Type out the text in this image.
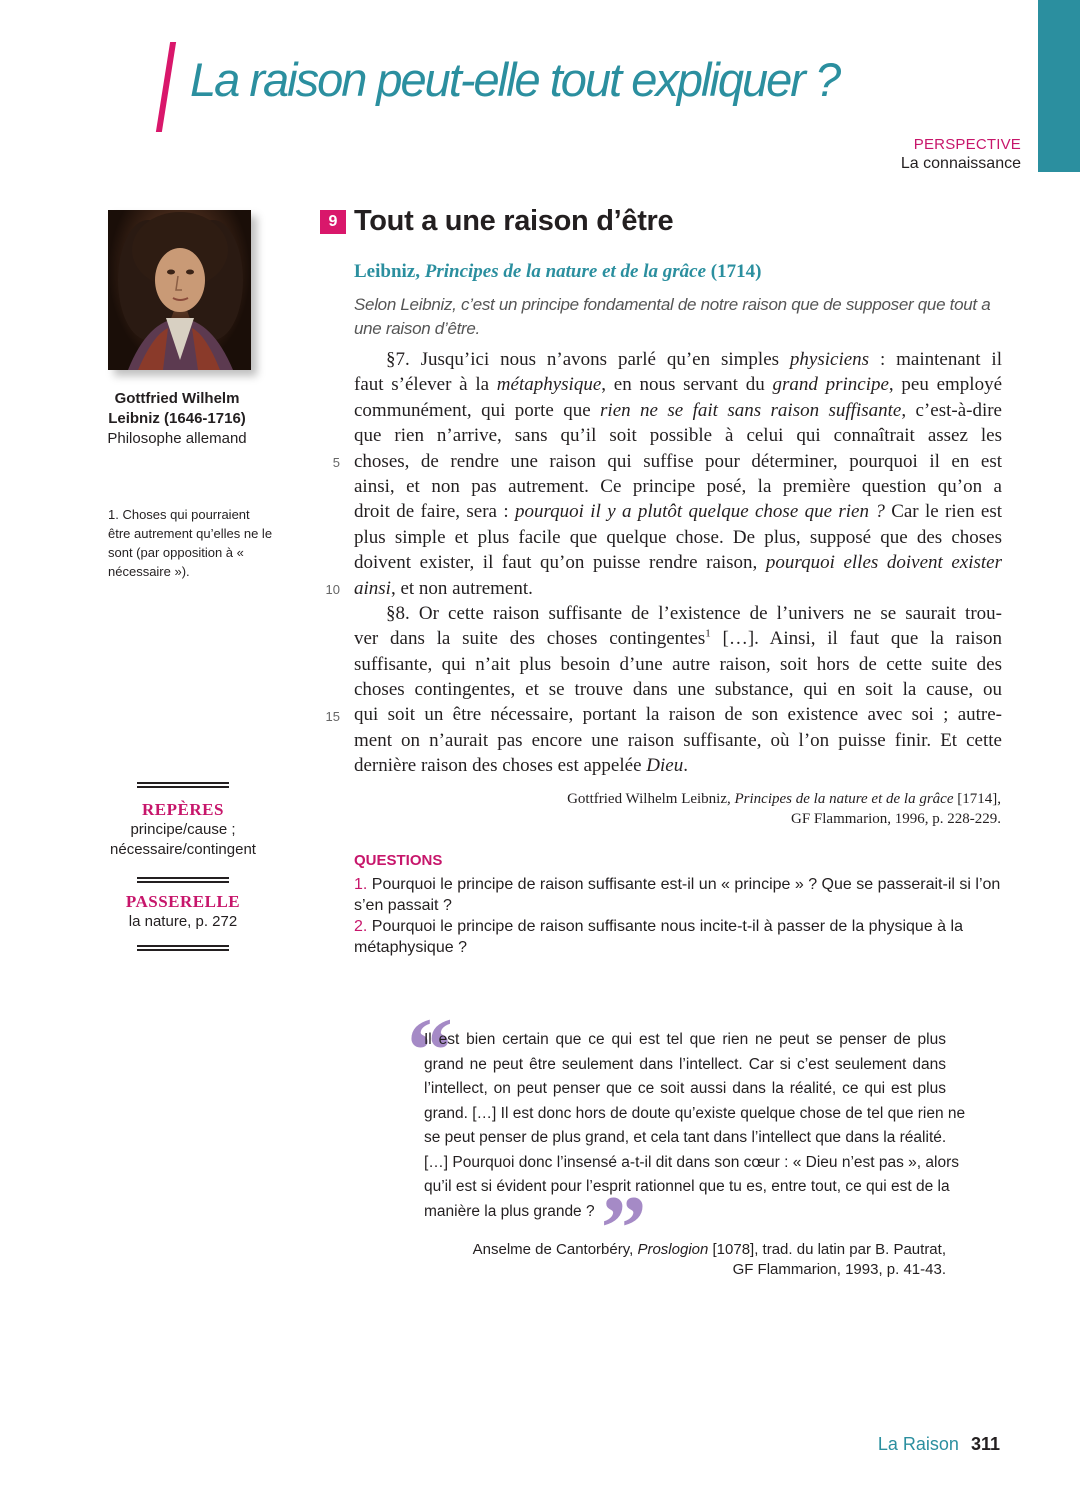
La raison peut-elle tout expliquer ?
PERSPECTIVE
La connaissance
Gottfried Wilhelm
Leibniz (1646-1716)
Philosophe allemand
1. Choses qui pourraient être autrement qu’elles ne le sont (par opposition à « nécessaire »).
REPÈRES
principe/cause ;
nécessaire/contingent
PASSERELLE
la nature, p. 272
9 Tout a une raison d’être
Leibniz, Principes de la nature et de la grâce (1714)
Selon Leibniz, c’est un principe fondamental de notre raison que de supposer que tout a une raison d’être.
§7. Jusqu’ici nous n’avons parlé qu’en simples physiciens : maintenant il
faut s’élever à la métaphysique, en nous servant du grand principe, peu employé
communément, qui porte que rien ne se fait sans raison suffisante, c’est-à-dire
que rien n’arrive, sans qu’il soit possible à celui qui connaîtrait assez les
choses, de rendre une raison qui suffise pour déterminer, pourquoi il en est
ainsi, et non pas autrement. Ce principe posé, la première question qu’on a
droit de faire, sera : pourquoi il y a plutôt quelque chose que rien ? Car le rien est
plus simple et plus facile que quelque chose. De plus, supposé que des choses
doivent exister, il faut qu’on puisse rendre raison, pourquoi elles doivent exister
ainsi, et non autrement.
§8. Or cette raison suffisante de l’existence de l’univers ne se saurait trou-
ver dans la suite des choses contingentes$^1$ […]. Ainsi, il faut que la raison
suffisante, qui n’ait plus besoin d’une autre raison, soit hors de cette suite des
choses contingentes, et se trouve dans une substance, qui en soit la cause, ou
qui soit un être nécessaire, portant la raison de son existence avec soi ; autre-
ment on n’aurait pas encore une raison suffisante, où l’on puisse finir. Et cette
dernière raison des choses est appelée Dieu.
5
10
15
Gottfried Wilhelm Leibniz, Principes de la nature et de la grâce [1714],
GF Flammarion, 1996, p. 228-229.
QUESTIONS
1. Pourquoi le principe de raison suffisante est-il un « principe » ? Que se passerait-il si l’on s’en passait ?
2. Pourquoi le principe de raison suffisante nous incite-t-il à passer de la physique à la métaphysique ?
“
Il est bien certain que ce qui est tel que rien ne peut se penser de plus
grand ne peut être seulement dans l’intellect. Car si c’est seulement dans
l’intellect, on peut penser que ce soit aussi dans la réalité, ce qui est plus
grand. […] Il est donc hors de doute qu’existe quelque chose de tel que rien ne
se peut penser de plus grand, et cela tant dans l’intellect que dans la réalité.
[…] Pourquoi donc l’insensé a-t-il dit dans son cœur : « Dieu n’est pas », alors
qu’il est si évident pour l’esprit rationnel que tu es, entre tout, ce qui est de la
manière la plus grande ?”
Anselme de Cantorbéry, Proslogion [1078], trad. du latin par B. Pautrat,
GF Flammarion, 1993, p. 41-43.
La Raison 311
